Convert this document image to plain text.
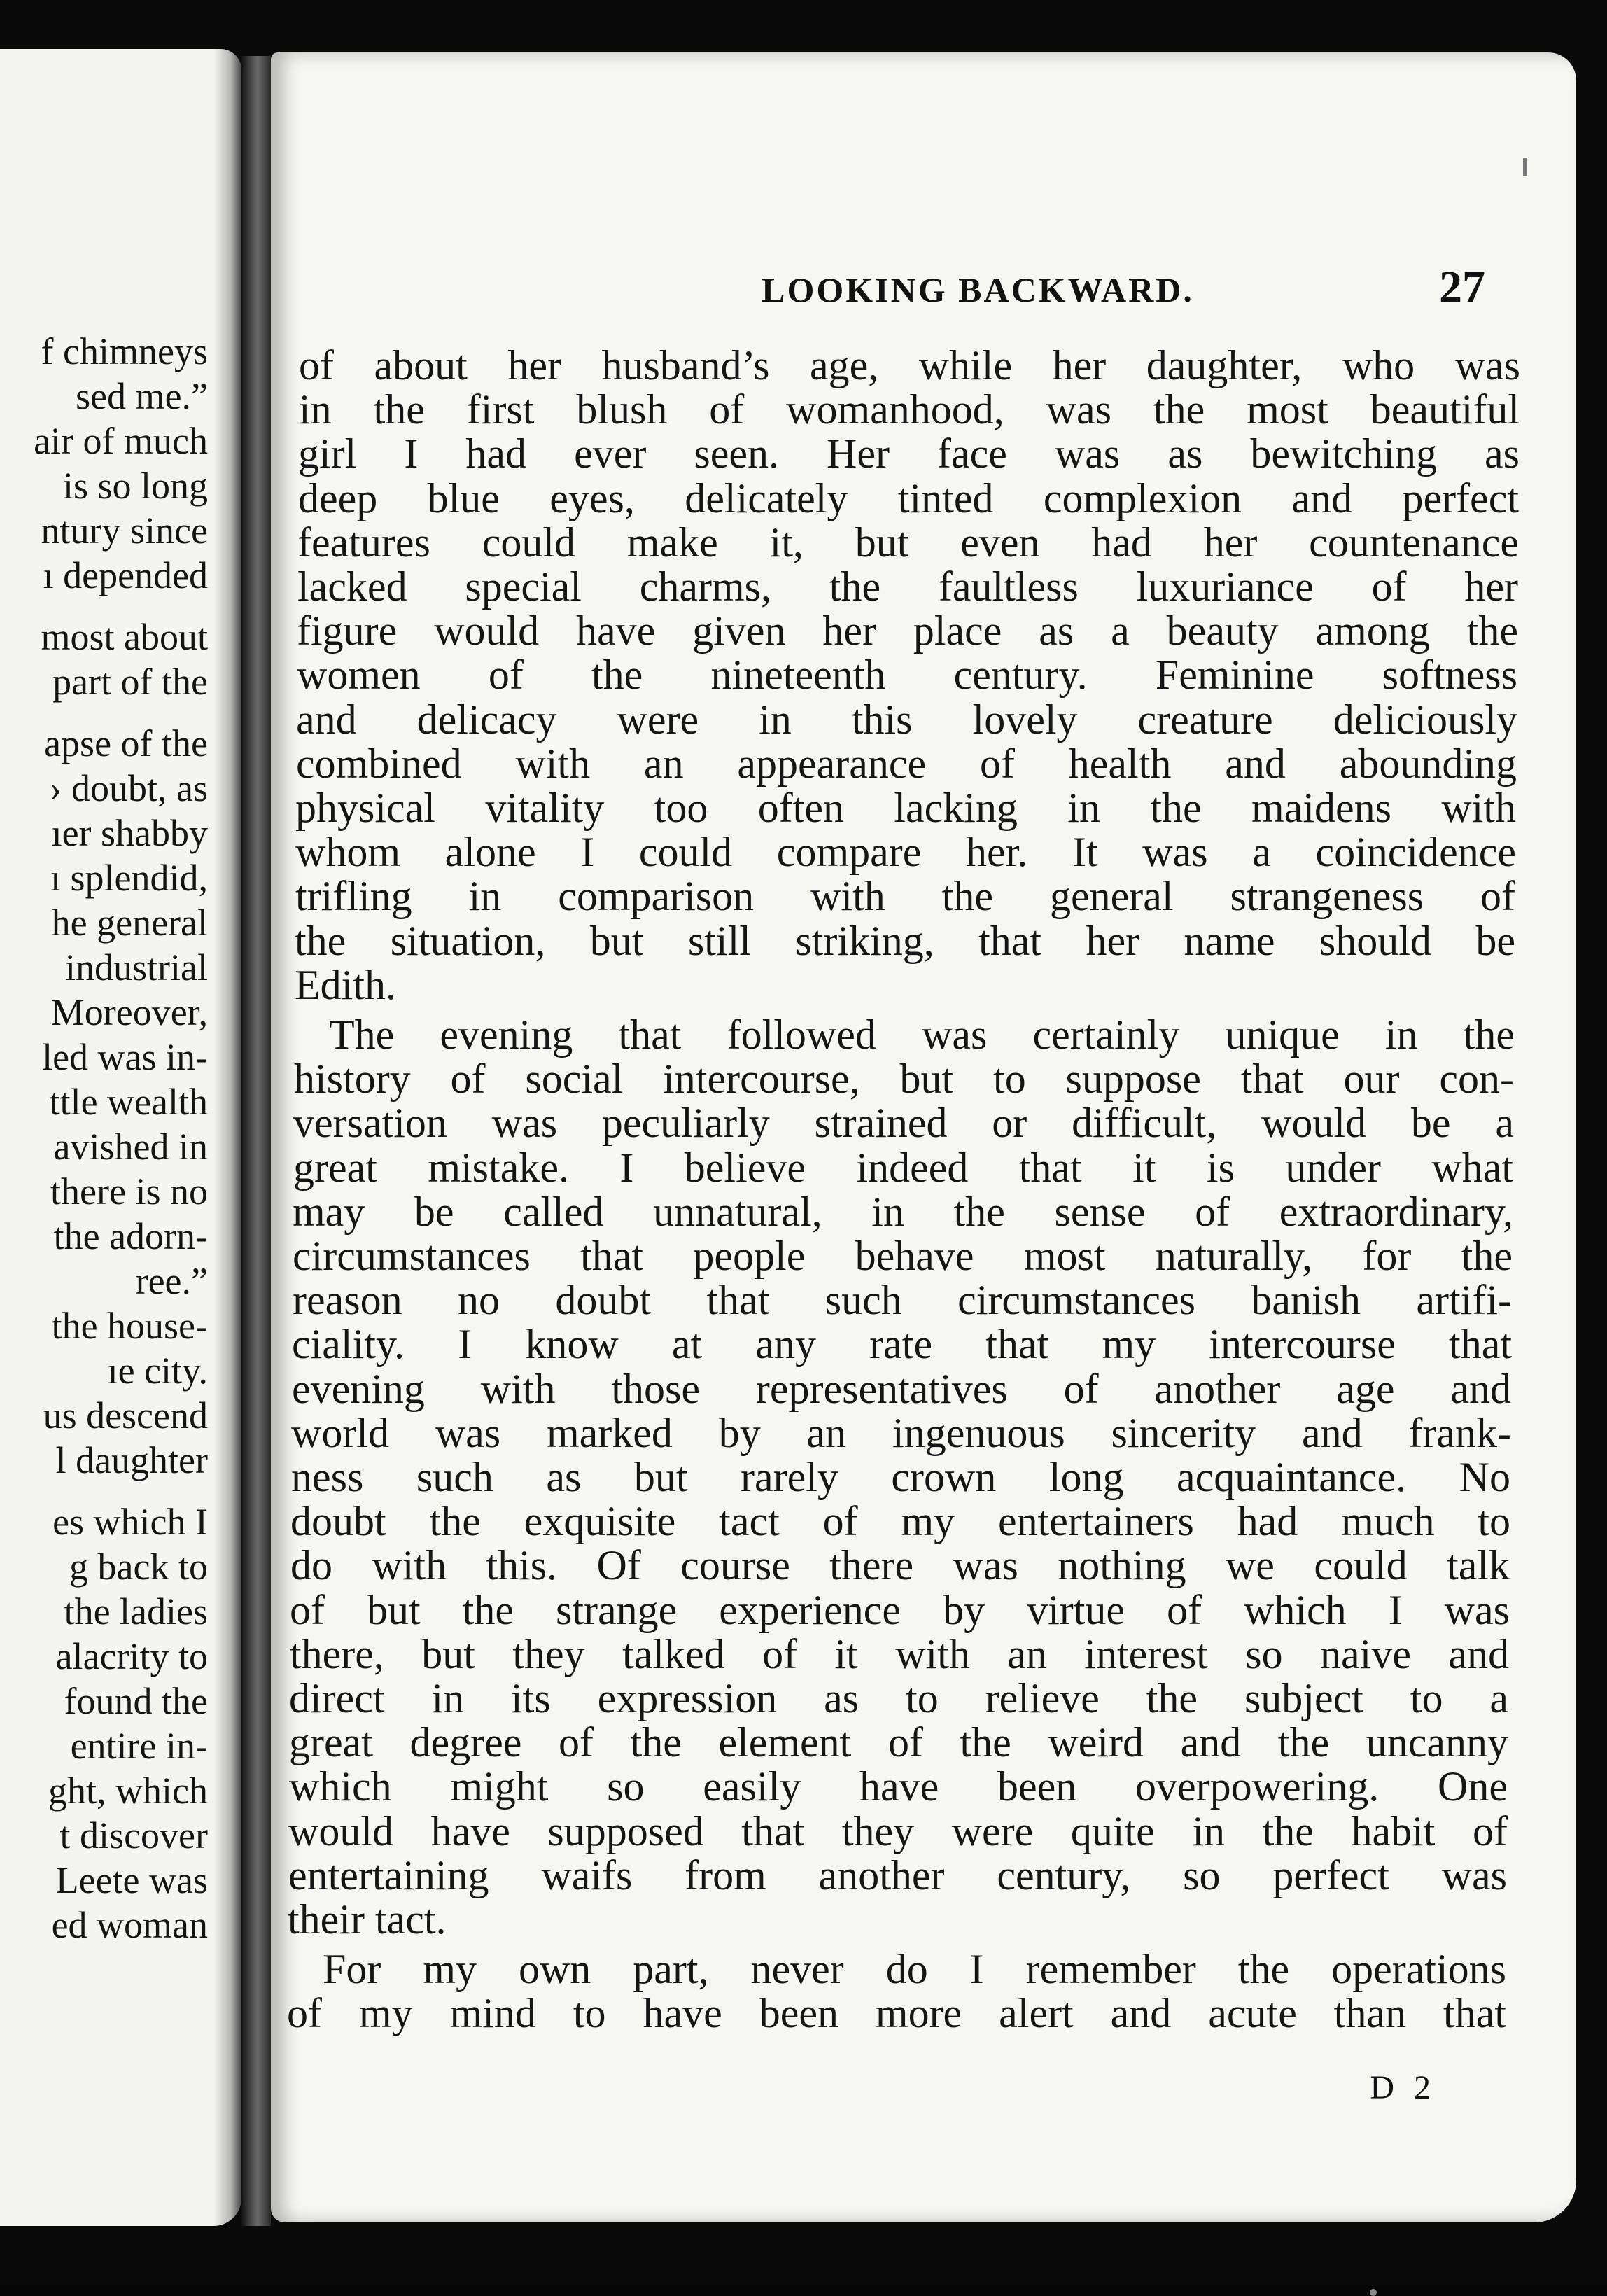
f chimneys
sed me.”
air of much
is so long
ntury since
ı depended
most about
part of the
apse of the
› doubt, as
ıer shabby
ı splendid,
he general
industrial
Moreover,
led was in-
ttle wealth
avished in
there is no
the adorn-
ree.”
the house-
ıe city.
us descend
l daughter
es which I
g back to
the ladies
alacrity to
found the
entire in-
ght, which
t discover
Leete was
ed woman
LOOKING BACKWARD.	27
of about her husband’s age, while her daughter, who was
in the first blush of womanhood, was the most beautiful
girl I had ever seen. Her face was as bewitching as
deep blue eyes, delicately tinted complexion and perfect
features could make it, but even had her countenance
lacked special charms, the faultless luxuriance of her
figure would have given her place as a beauty among the
women of the nineteenth century. Feminine softness
and delicacy were in this lovely creature deliciously
combined with an appearance of health and abounding
physical vitality too often lacking in the maidens with
whom alone I could compare her. It was a coincidence
trifling in comparison with the general strangeness of
the situation, but still striking, that her name should be
Edith.
The evening that followed was certainly unique in the
history of social intercourse, but to suppose that our con-
versation was peculiarly strained or difficult, would be a
great mistake. I believe indeed that it is under what
may be called unnatural, in the sense of extraordinary,
circumstances that people behave most naturally, for the
reason no doubt that such circumstances banish artifi-
ciality. I know at any rate that my intercourse that
evening with those representatives of another age and
world was marked by an ingenuous sincerity and frank-
ness such as but rarely crown long acquaintance. No
doubt the exquisite tact of my entertainers had much to
do with this. Of course there was nothing we could talk
of but the strange experience by virtue of which I was
there, but they talked of it with an interest so naive and
direct in its expression as to relieve the subject to a
great degree of the element of the weird and the uncanny
which might so easily have been overpowering. One
would have supposed that they were quite in the habit of
entertaining waifs from another century, so perfect was
their tact.
For my own part, never do I remember the operations
of my mind to have been more alert and acute than that
D 2
